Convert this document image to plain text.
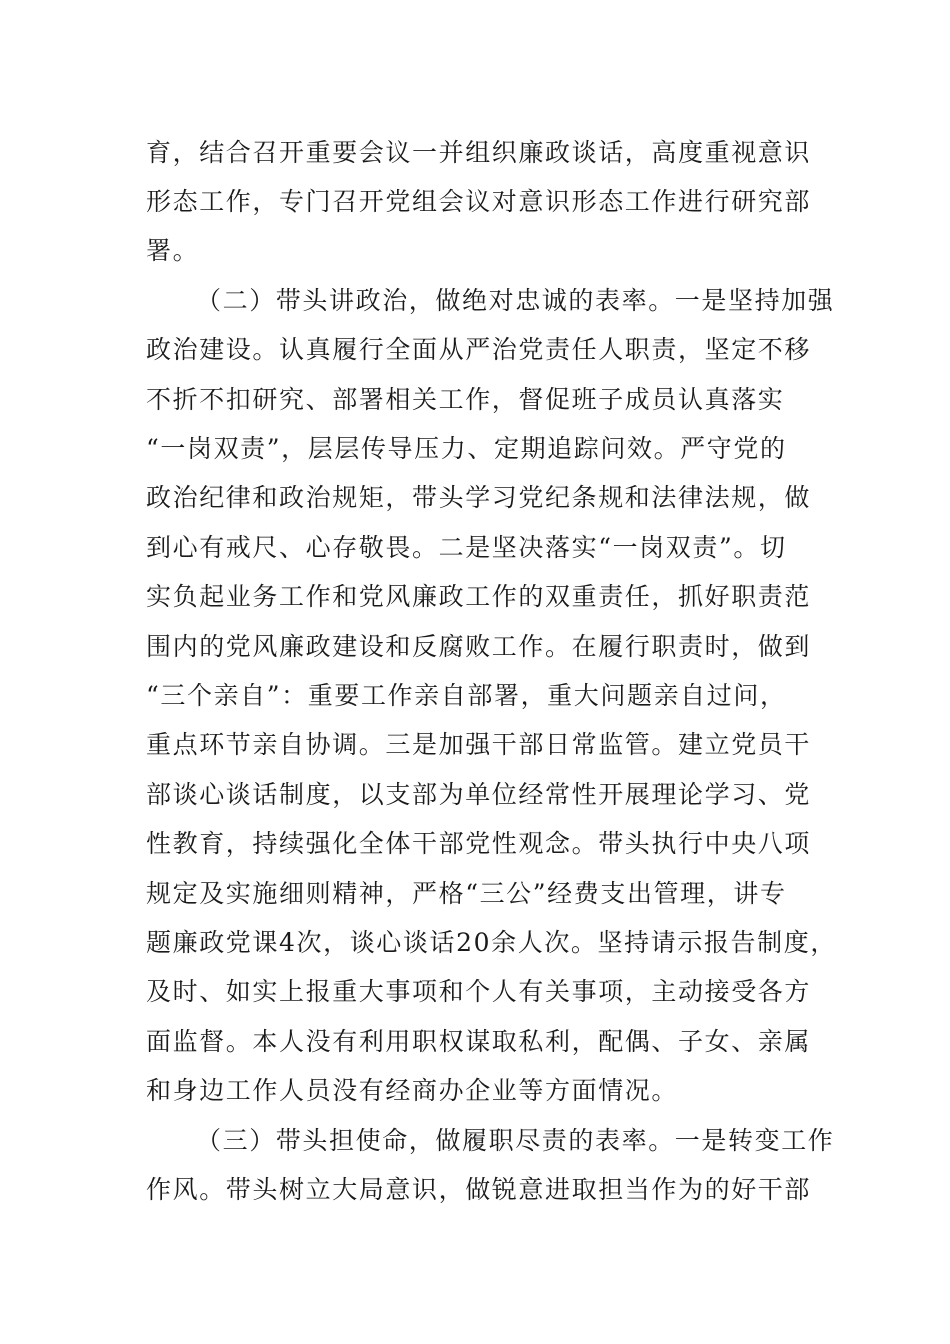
育，结合召开重要会议一并组织廉政谈话，高度重视意识
形态工作，专门召开党组会议对意识形态工作进行研究部
署。
（二）带头讲政治，做绝对忠诚的表率。一是坚持加强
政治建设。认真履行全面从严治党责任人职责，坚定不移
不折不扣研究、部署相关工作，督促班子成员认真落实
“一岗双责”，层层传导压力、定期追踪问效。严守党的
政治纪律和政治规矩，带头学习党纪条规和法律法规，做
到心有戒尺、心存敬畏。二是坚决落实“一岗双责”。切
实负起业务工作和党风廉政工作的双重责任，抓好职责范
围内的党风廉政建设和反腐败工作。在履行职责时，做到
“三个亲自”：重要工作亲自部署，重大问题亲自过问，
重点环节亲自协调。三是加强干部日常监管。建立党员干
部谈心谈话制度，以支部为单位经常性开展理论学习、党
性教育，持续强化全体干部党性观念。带头执行中央八项
规定及实施细则精神，严格“三公”经费支出管理，讲专
题廉政党课4次，谈心谈话20余人次。坚持请示报告制度，
及时、如实上报重大事项和个人有关事项，主动接受各方
面监督。本人没有利用职权谋取私利，配偶、子女、亲属
和身边工作人员没有经商办企业等方面情况。
（三）带头担使命，做履职尽责的表率。一是转变工作
作风。带头树立大局意识，做锐意进取担当作为的好干部
